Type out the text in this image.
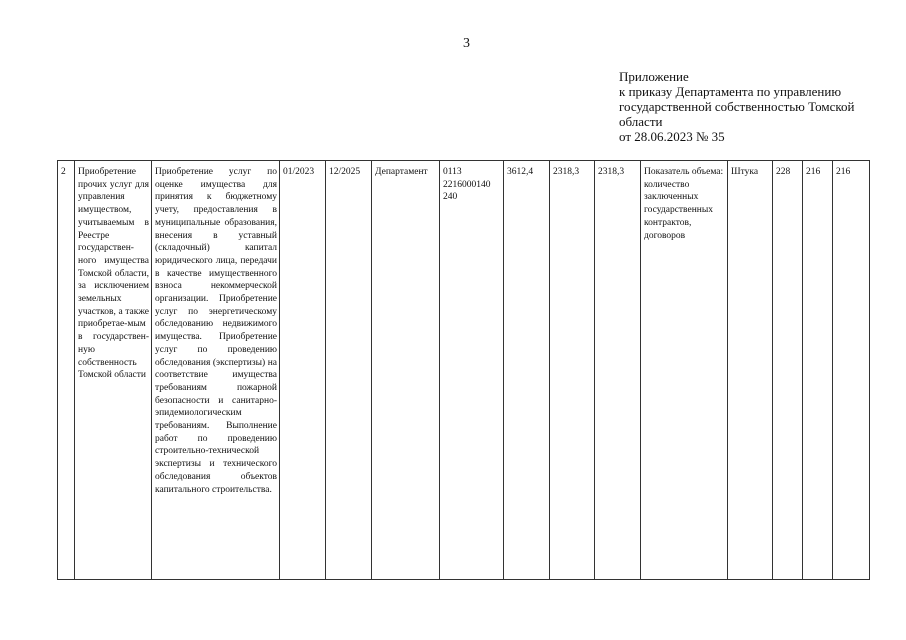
3
Приложение
к приказу Департамента по управлению
государственной собственностью Томской
области
от 28.06.2023 № 35
2	Приобретение прочих услуг для управления имуществом, учитываемым в Реестре государствен-ного имущества Томской области, за исключением земельных участков, а также приобретае-мым в государствен-ную собственность Томской области	Приобретение услуг по оценке имущества для принятия к бюджетному учету, предоставления в муниципальные образования, внесения в уставный (складочный) капитал юридического лица, передачи в качестве имущественного взноса некоммерческой организации. Приобретение услуг по энергетическому обследованию недвижимого имущества. Приобретение услуг по проведению обследования (экспертизы) на соответствие имущества требованиям пожарной безопасности и санитарно-эпидемиологическим требованиям. Выполнение работ по проведению строительно-технической экспертизы и технического обследования объектов капитального строительства.	01/2023	12/2025	Департамент	0113
2216000140
240
	3612,4	2318,3	2318,3	Показатель объема: количество заключенных государственных контрактов, договоров	Штука	228	216	216
